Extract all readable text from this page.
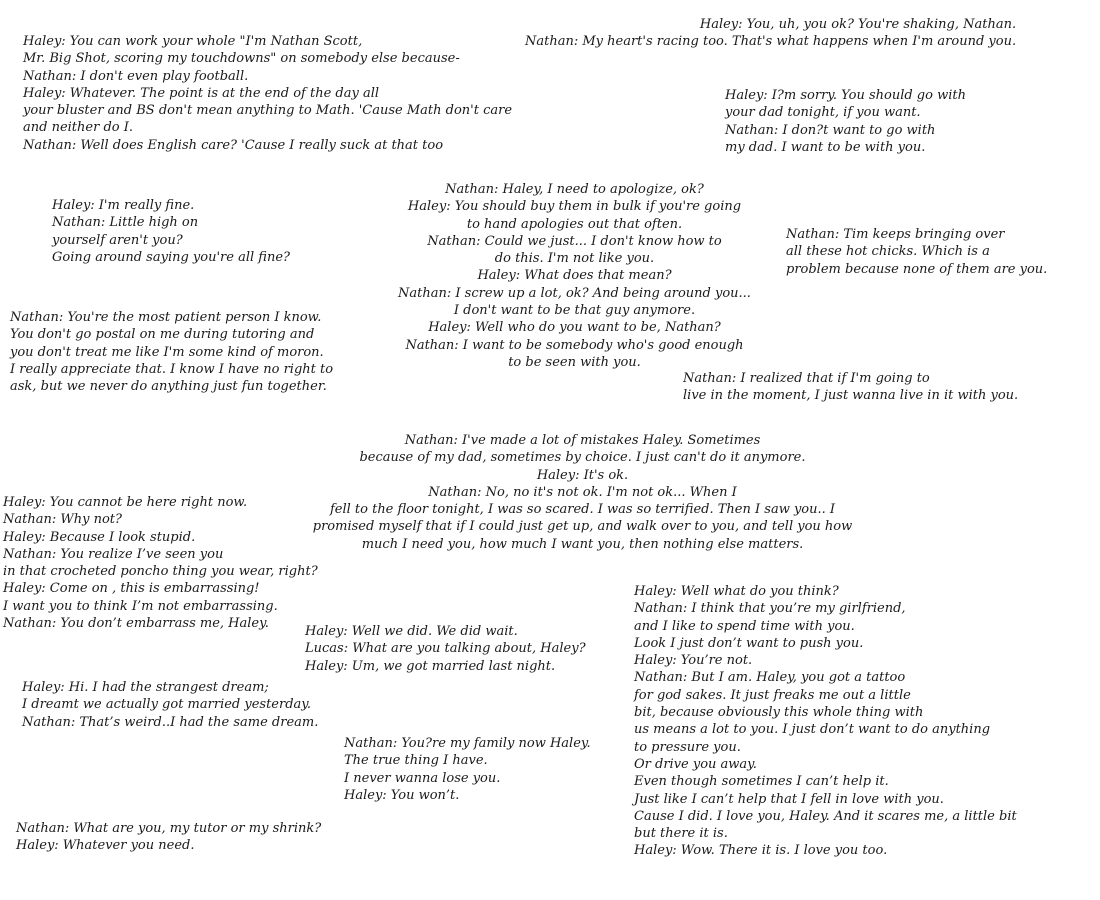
Haley: You can work your whole "I'm Nathan Scott,
Mr. Big Shot, scoring my touchdowns" on somebody else because-
Nathan: I don't even play football.
Haley: Whatever. The point is at the end of the day all
your bluster and BS don't mean anything to Math. 'Cause Math don't care
and neither do I.
Nathan: Well does English care? 'Cause I really suck at that too
Haley: You, uh, you ok? You're shaking, Nathan.
Nathan: My heart's racing too. That's what happens when I'm around you.
Haley: I?m sorry. You should go with
your dad tonight, if you want.
Nathan: I don?t want to go with
my dad. I want to be with you.
Haley: I'm really fine.
Nathan: Little high on
yourself aren't you?
Going around saying you're all fine?
Nathan: Haley, I need to apologize, ok?
Haley: You should buy them in bulk if you're going
to hand apologies out that often.
Nathan: Could we just... I don't know how to
do this. I'm not like you.
Haley: What does that mean?
Nathan: I screw up a lot, ok? And being around you...
I don't want to be that guy anymore.
Haley: Well who do you want to be, Nathan?
Nathan: I want to be somebody who's good enough
to be seen with you.
Nathan: Tim keeps bringing over
all these hot chicks. Which is a
problem because none of them are you.
Nathan: You're the most patient person I know.
You don't go postal on me during tutoring and
you don't treat me like I'm some kind of moron.
I really appreciate that. I know I have no right to
ask, but we never do anything just fun together.
Nathan: I realized that if I'm going to
live in the moment, I just wanna live in it with you.
Nathan: I've made a lot of mistakes Haley. Sometimes
because of my dad, sometimes by choice. I just can't do it anymore.
Haley: It's ok.
Nathan: No, no it's not ok. I'm not ok... When I
fell to the floor tonight, I was so scared. I was so terrified. Then I saw you.. I
promised myself that if I could just get up, and walk over to you, and tell you how
much I need you, how much I want you, then nothing else matters.
Haley: You cannot be here right now.
Nathan: Why not?
Haley: Because I look stupid.
Nathan: You realize I’ve seen you
in that crocheted poncho thing you wear, right?
Haley: Come on , this is embarrassing!
I want you to think I’m not embarrassing.
Nathan: You don’t embarrass me, Haley.
Haley: Well we did. We did wait.
Lucas: What are you talking about, Haley?
Haley: Um, we got married last night.
Haley: Hi. I had the strangest dream;
I dreamt we actually got married yesterday.
Nathan: That’s weird..I had the same dream.
Nathan: You?re my family now Haley.
The true thing I have.
I never wanna lose you.
Haley: You won’t.
Nathan: What are you, my tutor or my shrink?
Haley: Whatever you need.
Haley: Well what do you think?
Nathan: I think that you’re my girlfriend,
and I like to spend time with you.
Look I just don’t want to push you.
Haley: You’re not.
Nathan: But I am. Haley, you got a tattoo
for god sakes. It just freaks me out a little
bit, because obviously this whole thing with
us means a lot to you. I just don’t want to do anything
to pressure you.
Or drive you away.
Even though sometimes I can’t help it.
Just like I can’t help that I fell in love with you.
Cause I did. I love you, Haley. And it scares me, a little bit
but there it is.
Haley: Wow. There it is. I love you too.
